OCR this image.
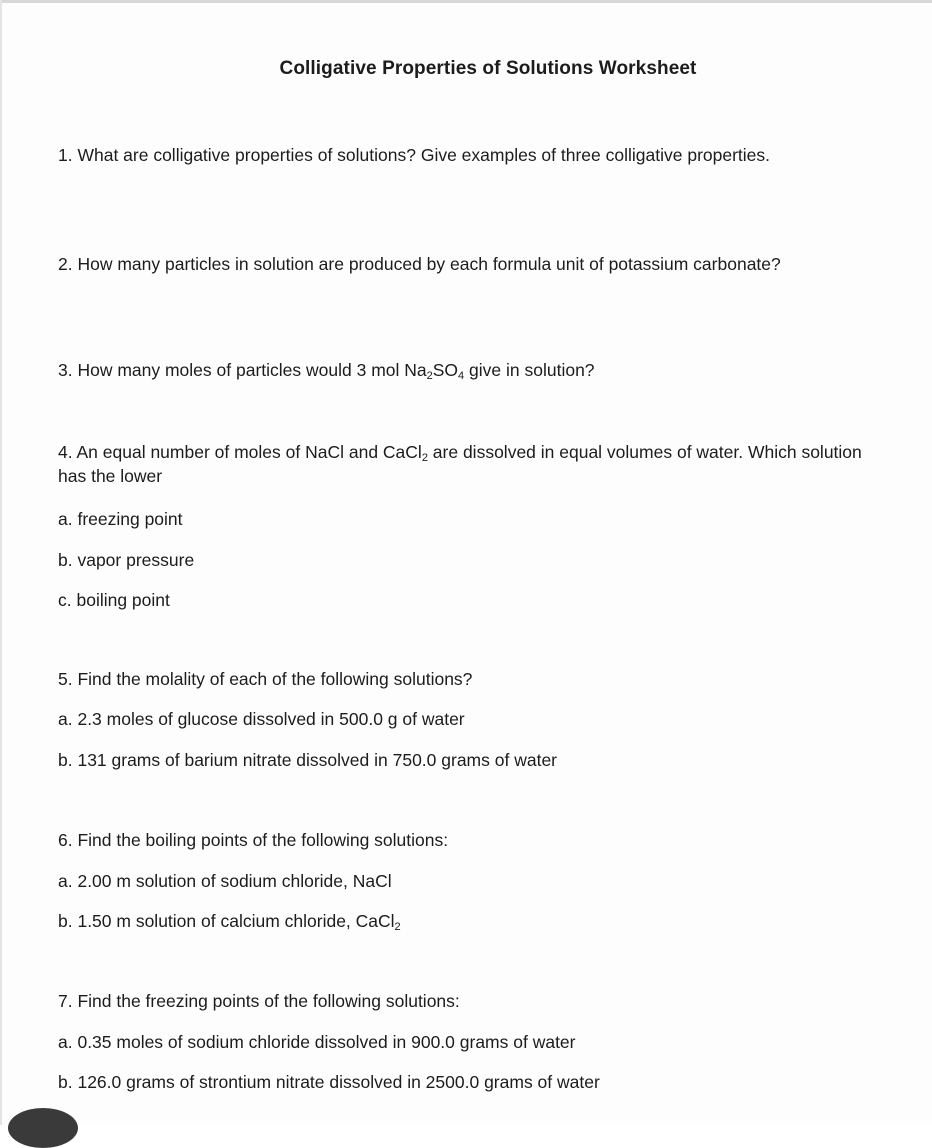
Colligative Properties of Solutions Worksheet
1. What are colligative properties of solutions? Give examples of three colligative properties.
2. How many particles in solution are produced by each formula unit of potassium carbonate?
3. How many moles of particles would 3 mol $Na_2SO_4$ give in solution?
4. An equal number of moles of NaCl and CaCl$_2$ are dissolved in equal volumes of water. Which solution has the lower
a. freezing point
b. vapor pressure
c. boiling point
5. Find the molality of each of the following solutions?
a. 2.3 moles of glucose dissolved in 500.0 g of water
b. 131 grams of barium nitrate dissolved in 750.0 grams of water
6. Find the boiling points of the following solutions:
a. 2.00 m solution of sodium chloride, NaCl
b. 1.50 m solution of calcium chloride, CaCl$_2$
7. Find the freezing points of the following solutions:
a. 0.35 moles of sodium chloride dissolved in 900.0 grams of water
b. 126.0 grams of strontium nitrate dissolved in 2500.0 grams of water
